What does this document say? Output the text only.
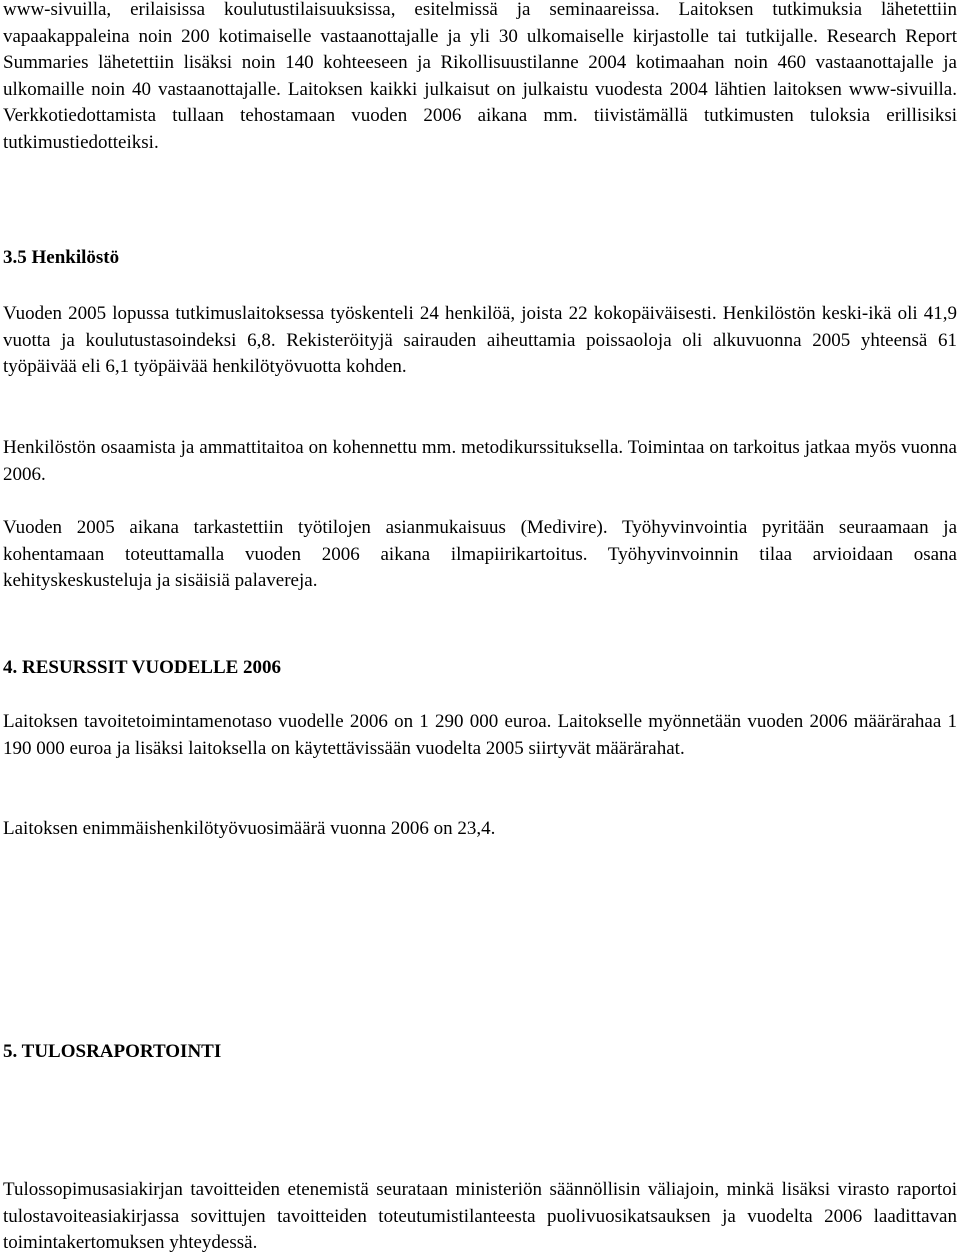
www-sivuilla, erilaisissa koulutustilaisuuksissa, esitelmissä ja seminaareissa. Laitoksen tutkimuksia lähetettiin vapaakappaleina noin 200 kotimaiselle vastaanottajalle ja yli 30 ulkomaiselle kirjastolle tai tutkijalle. Research Report Summaries lähetettiin lisäksi noin 140 kohteeseen ja Rikollisuustilanne 2004 kotimaahan noin 460 vastaanottajalle ja ulkomaille noin 40 vastaanottajalle. Laitoksen kaikki julkaisut on julkaistu vuodesta 2004 lähtien laitoksen www-sivuilla. Verkkotiedottamista tullaan tehostamaan vuoden 2006 aikana mm. tiivistämällä tutkimusten tuloksia erillisiksi tutkimustiedotteiksi.

3.5 Henkilöstö

Vuoden 2005 lopussa tutkimuslaitoksessa työskenteli 24 henkilöä, joista 22 kokopäiväisesti. Henkilöstön keski-ikä oli 41,9 vuotta ja koulutustasoindeksi 6,8. Rekisteröityjä sairauden aiheuttamia poissaoloja oli alkuvuonna 2005 yhteensä 61 työpäivää eli 6,1 työpäivää henkilötyövuotta kohden.

Henkilöstön osaamista ja ammattitaitoa on kohennettu mm. metodikurssituksella. Toimintaa on tarkoitus jatkaa myös vuonna 2006.

Vuoden 2005 aikana tarkastettiin työtilojen asianmukaisuus (Medivire). Työhyvinvointia pyritään seuraamaan ja kohentamaan toteuttamalla vuoden 2006 aikana ilmapiirikartoitus. Työhyvinvoinnin tilaa arvioidaan osana kehityskeskusteluja ja sisäisiä palavereja.

4. RESURSSIT VUODELLE 2006

Laitoksen tavoitetoimintamenotaso vuodelle 2006 on 1 290 000 euroa. Laitokselle myönnetään vuoden 2006 määrärahaa 1 190 000 euroa ja lisäksi laitoksella on käytettävissään vuodelta 2005 siirtyvät määrärahat.

Laitoksen enimmäishenkilötyövuosimäärä vuonna 2006 on 23,4.

5. TULOSRAPORTOINTI

Tulossopimusasiakirjan tavoitteiden etenemistä seurataan ministeriön säännöllisin väliajoin, minkä lisäksi virasto raportoi tulostavoiteasiakirjassa sovittujen tavoitteiden toteutumistilanteesta puolivuosikatsauksen ja vuodelta 2006 laadittavan toimintakertomuksen yhteydessä.
